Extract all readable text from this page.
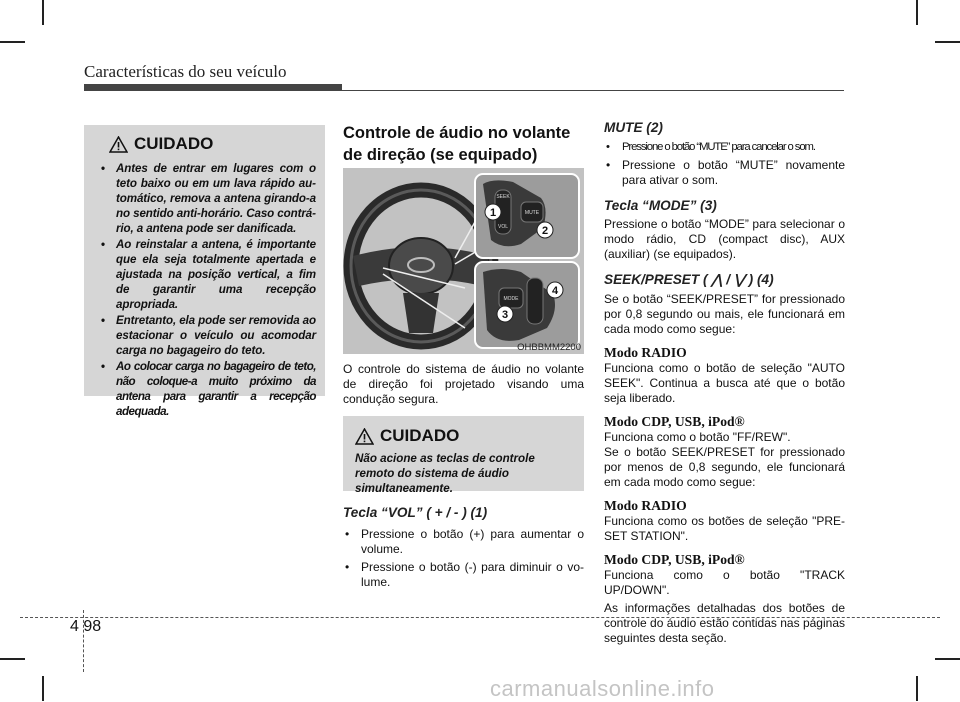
Características do seu veículo
CUIDADO
• Antes de entrar em lugares com o teto baixo ou em um lava rápido automático, remova a antena girando-a no sentido anti-horário. Caso contrário, a antena pode ser danificada.
• Ao reinstalar a antena, é importante que ela seja totalmente apertada e ajustada na posição vertical, a fim de garantir uma recepção apropriada.
• Entretanto, ela pode ser removida ao estacionar o veículo ou acomodar carga no bagageiro do teto.
• Ao colocar carga no bagageiro de teto, não coloque-a muito próximo da antena para garantir a recepção adequada.
Controle de áudio no volante de direção (se equipado)
1
2
3
4
SEEK
VOL
MUTE
MODE
OHBBMM2200

O controle do sistema de áudio no volante de direção foi projetado visando uma condução segura.

CUIDADO

Não acione as teclas de controle remoto do sistema de áudio simultaneamente.

Tecla “VOL” ( + / - ) (1)

• Pressione o botão (+) para aumentar o volume.
• Pressione o botão (-) para diminuir o volume.

MUTE (2)

• Pressione o botão “MUTE” para cancelar o som.
• Pressione o botão “MUTE” novamente para ativar o som.

Tecla “MODE” (3)

Pressione o botão “MODE” para selecionar o modo rádio, CD (compact disc), AUX (auxiliar) (se equipados).

SEEK/PRESET ( ⋀ / ⋁ ) (4)

Se o botão “SEEK/PRESET” for pressionado por 0,8 segundo ou mais, ele funcionará em cada modo como segue:

Modo RADIO

Funciona como o botão de seleção "AUTO SEEK". Continua a busca até que o botão seja liberado.

Modo CDP, USB, iPod®

Funciona como o botão "FF/REW".

Se o botão SEEK/PRESET for pressionado por menos de 0,8 segundo, ele funcionará em cada modo como segue:

Modo RADIO

Funciona como os botões de seleção "PRESET STATION".

Modo CDP, USB, iPod®

Funciona como o botão "TRACK UP/DOWN".

As informações detalhadas dos botões de controle do áudio estão contidas nas páginas seguintes desta seção.

4 98
carmanualsonline.info
